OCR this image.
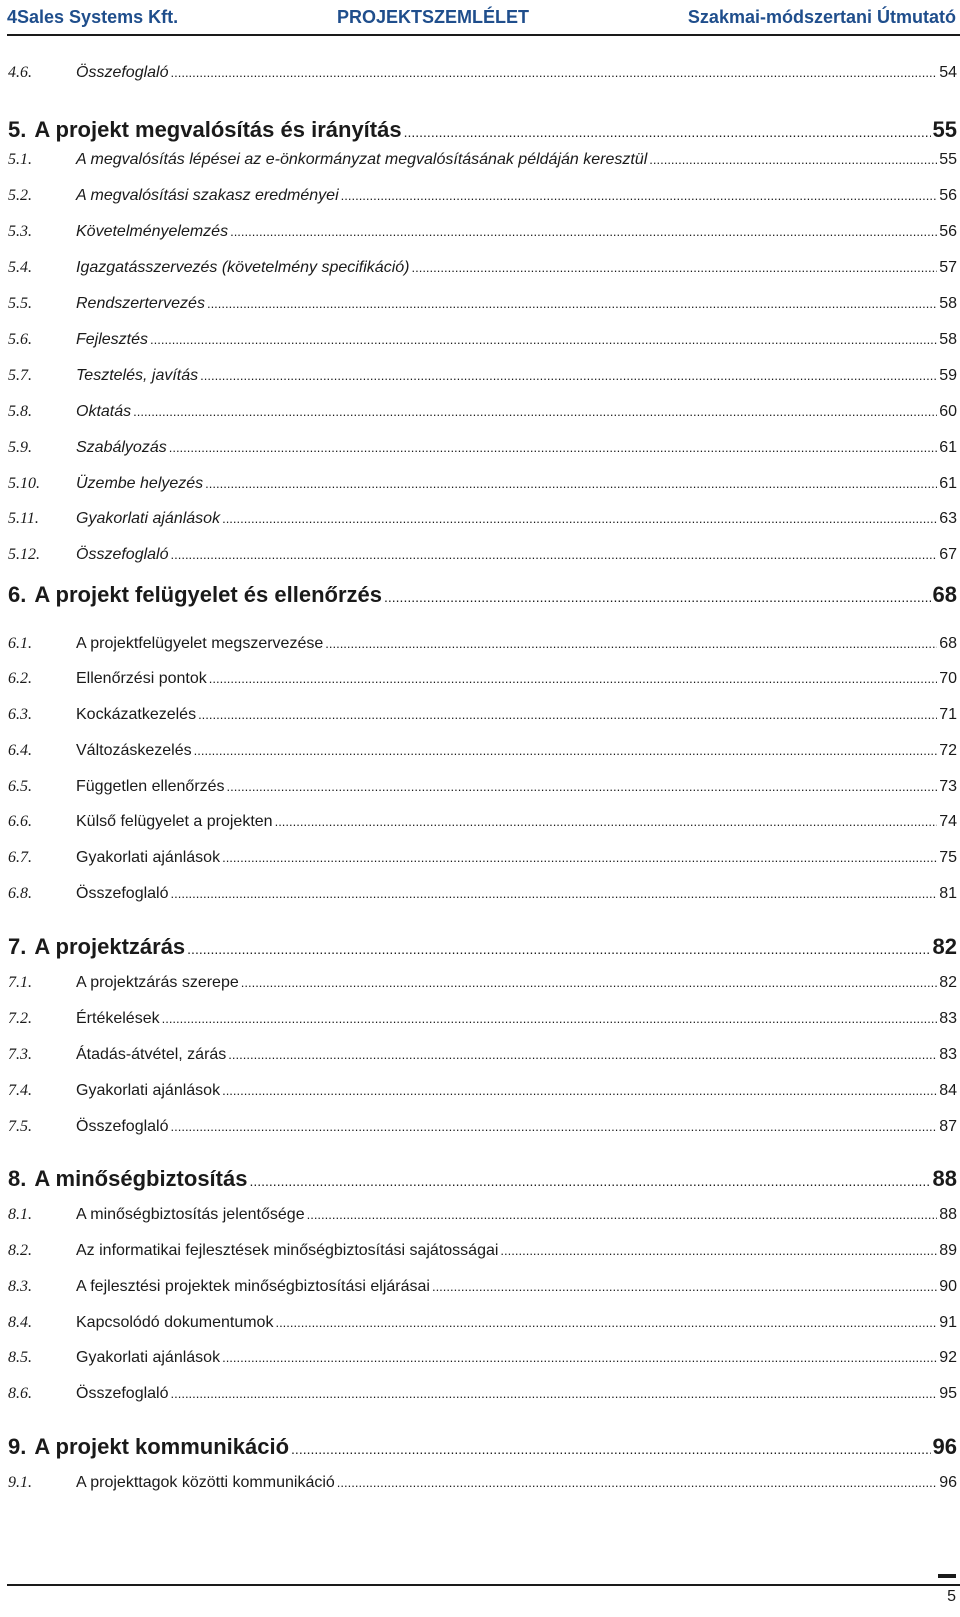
4Sales Systems Kft.	PROJEKTSZEMLÉLET	Szakmai-módszertani Útmutató
4.6.	Összefoglaló .....	54
5. A projekt megvalósítás és irányítás .....	55
5.1.	A megvalósítás lépései az e-önkormányzat megvalósításának példáján keresztül .....	55
5.2.	A megvalósítási szakasz eredményei .....	56
5.3.	Követelményelemzés .....	56
5.4.	Igazgatásszervezés (követelmény specifikáció) .....	57
5.5.	Rendszertervezés .....	58
5.6.	Fejlesztés .....	58
5.7.	Tesztelés, javítás .....	59
5.8.	Oktatás .....	60
5.9.	Szabályozás .....	61
5.10.	Üzembe helyezés .....	61
5.11.	Gyakorlati ajánlások .....	63
5.12.	Összefoglaló .....	67
6. A projekt felügyelet és ellenőrzés .....	68
6.1.	A projektfelügyelet megszervezése .....	68
6.2.	Ellenőrzési pontok .....	70
6.3.	Kockázatkezelés .....	71
6.4.	Változáskezelés .....	72
6.5.	Független ellenőrzés .....	73
6.6.	Külső felügyelet a projekten .....	74
6.7.	Gyakorlati ajánlások .....	75
6.8.	Összefoglaló .....	81
7. A projektzárás .....	82
7.1.	A projektzárás szerepe .....	82
7.2.	Értékelések .....	83
7.3.	Átadás-átvétel, zárás .....	83
7.4.	Gyakorlati ajánlások .....	84
7.5.	Összefoglaló .....	87
8. A minőségbiztosítás .....	88
8.1.	A minőségbiztosítás jelentősége .....	88
8.2.	Az informatikai fejlesztések minőségbiztosítási sajátosságai .....	89
8.3.	A fejlesztési projektek minőségbiztosítási eljárásai .....	90
8.4.	Kapcsolódó dokumentumok .....	91
8.5.	Gyakorlati ajánlások .....	92
8.6.	Összefoglaló .....	95
9. A projekt kommunikáció .....	96
9.1.	A projekttagok közötti kommunikáció .....	96
5
